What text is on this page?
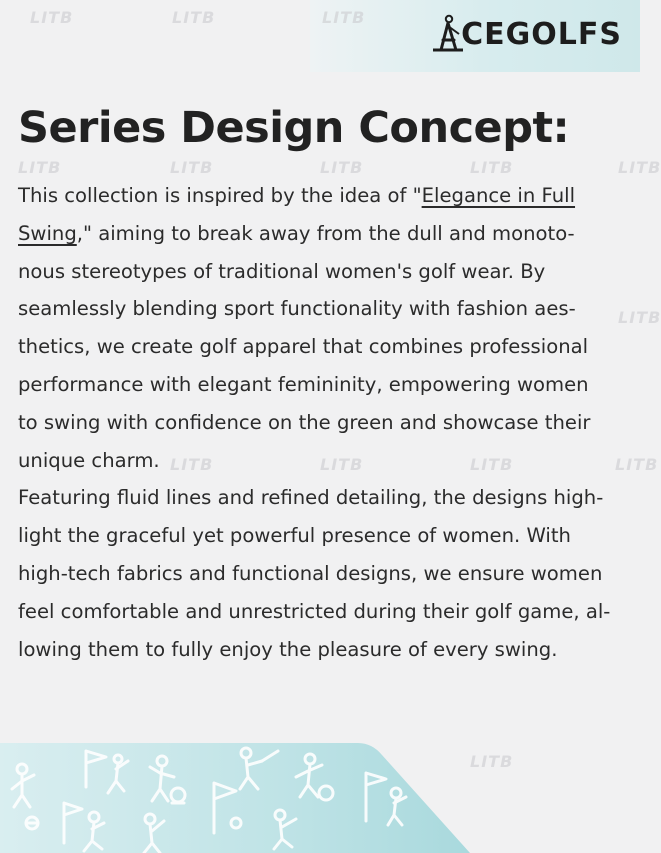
CEGOLFS
LITB	LITB	LITB
LITB	LITB	LITB	LITB	LITB
LITB
LITB	LITB	LITB	LITB
LITB
Series Design Concept:
This collection is inspired by the idea of "Elegance in Full
Swing," aiming to break away from the dull and monoto-
nous stereotypes of traditional women's golf wear. By
seamlessly blending sport functionality with fashion aes-
thetics, we create golf apparel that combines professional
performance with elegant femininity, empowering women
to swing with confidence on the green and showcase their
unique charm.
Featuring fluid lines and refined detailing, the designs high-
light the graceful yet powerful presence of women. With
high-tech fabrics and functional designs, we ensure women
feel comfortable and unrestricted during their golf game, al-
lowing them to fully enjoy the pleasure of every swing.
